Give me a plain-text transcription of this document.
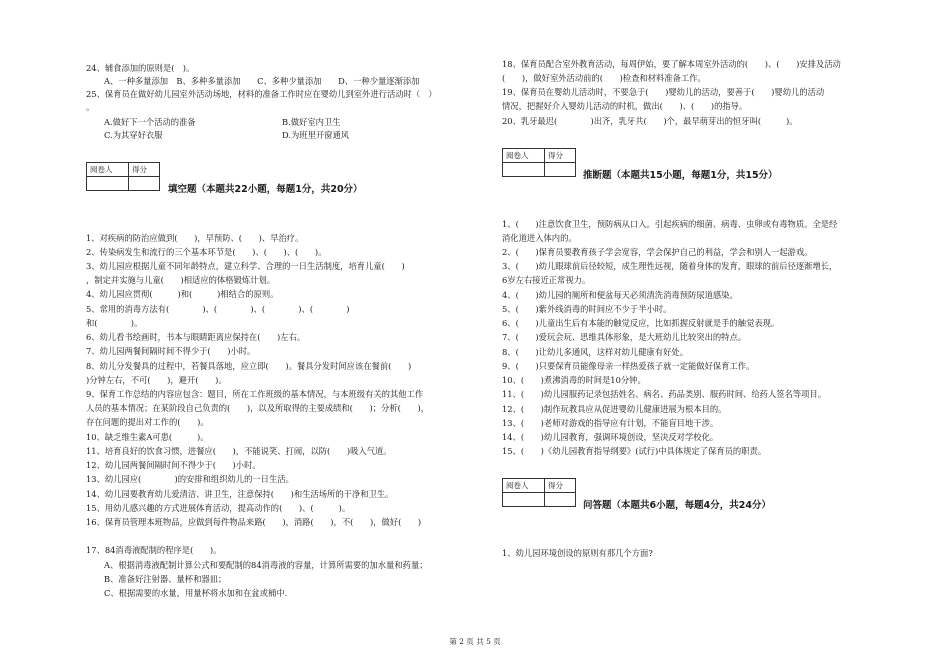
24、辅食添加的原则是(　)。
A、一种多量添加　B、多种多量添加　　C、多种少量添加　　D、一种少量逐渐添加
25、保育员在做好幼儿园室外活动场地，材料的准备工作时应在婴幼儿到室外进行活动时（　）
。
A.做好下一个活动的准备	B.做好室内卫生
C.为其穿好衣服	D.为班里开窗通风
阅卷人	得分

填空题（本题共22小题，每题1分，共20分）
1、对疾病的防治应做到(　　)，早预防、(　　)、早治疗。
2、传染病发生和流行的三个基本环节是(　　)、(　　)、(　　)。
3、幼儿园应根据儿童不同年龄特点，建立科学、合理的一日生活制度，培育儿童(　　)
，制定并实施与儿童(　　)相适应的体格锻炼计划。
4、幼儿园应贯彻(　　　)和(　　　)相结合的原则。
5、常用的消毒方法有(　　　　)、(　　　　)、(　　　　)、(　　　　)
和(　　　　)。
6、幼儿看书绘画时，书本与眼睛距离应保持在(　　)左右。
7、幼儿园两餐间隔时间不得少于(　　)小时。
8、幼儿分发餐具的过程中，若餐具落地，应立即(　　)。餐具分发时间应该在餐前(　　)
)分钟左右，不可(　　)，避开(　　)。
9、保育工作总结的内容应包含：题目，所在工作班级的基本情况，与本班级有关的其他工作
人员的基本情况；在某阶段自己负责的(　　)，以及所取得的主要成绩和(　　)；分析(　　)，
存在问题的提出对工作的(　　)。
10、缺乏维生素A可患(　　　)。
11、培育良好的饮食习惯，进餐应(　　)，不能说笑、打闹，以防(　　)吸入气道。
12、幼儿园两餐间隔时间不得少于(　　)小时。
13、幼儿园应(　　　　)的安排和组织幼儿的一日生活。
14、幼儿园要教育幼儿爱清洁、讲卫生，注意保持(　　)和生活场所的干净和卫生。
15、用幼儿感兴趣的方式进展体育活动，提高动作的(　　)、(　　　)。
16、保育员管理本班物品，应做到每件物品来路(　　)，消路(　　)，不(　　)，做好(　　)
17、84消毒液配制的程序是(　　)。
A、根据消毒液配制计算公式和要配制的84消毒液的容量，计算所需要的加水量和药量；
B、准备好注射器、量杯和器皿；
C、根据需要的水量，用量杯将水加和在盆或桶中.
18、保育员配合室外教育活动，每周伊始，要了解本周室外活动的(　　)、(　　)安排及活动
(　　)，做好室外活动前的(　　)检查和材料准备工作。
19、保育员在婴幼儿活动时，不要急于(　　)婴幼儿的活动，要善于(　　)婴幼儿的活动
情况，把握好介入婴幼儿活动的时机，做出(　　)、(　　)的指导。
20、乳牙最迟(　　　　)出齐，乳牙共(　　)个，最早萌芽出的恒牙叫(　　　)。
阅卷人	得分

推断题（本题共15小题，每题1分，共15分）
1、(　　)注意饮食卫生，预防病从口入。引起疾病的细菌、病毒、虫卵或有毒物质。全是经
消化道进入体内的。
2、(　　)保育员要教育孩子学会宽容，学会保护自己的利益，学会和别人一起游戏。
3、(　　)幼儿眼球前后径较短，成生理性远视，随着身体的发育，眼球的前后径逐渐增长，
6岁左右接近正常视力。
4、(　　)幼儿园的厕所和便盆每天必须清洗消毒预防尿道感染。
5、(　　)紫外线消毒的时间应不少于半小时。
6、(　　)儿童出生后有本能的触觉反应，比如抓握反射就是手的触觉表现。
7、(　　)爱玩会玩、思维具体形象，是大班幼儿比较突出的特点。
8、(　　)让幼儿多通风，这样对幼儿健康有好处。
9、(　　)只要保育员能像母亲一样热爱孩子就一定能做好保育工作。
10、(　　)煮沸消毒的时间是10分钟。
11、(　　)幼儿园服药记录包括姓名、病名、药品类别、服药时间、给药人签名等项目。
12、(　　)制作玩教具应从促进婴幼儿健康进展为根本目的。
13、(　　)老师对游戏的指导应有计划，不能盲目地干涉。
14、(　　)幼儿园教育，强调环境创设，坚决反对学校化。
15、(　　)《幼儿园教育指导纲要》(试行)中具体规定了保育员的职责。
阅卷人	得分

问答题（本题共6小题，每题4分，共24分）
1、幼儿园环境创设的原则有那几个方面?
第 2 页 共 5 页
